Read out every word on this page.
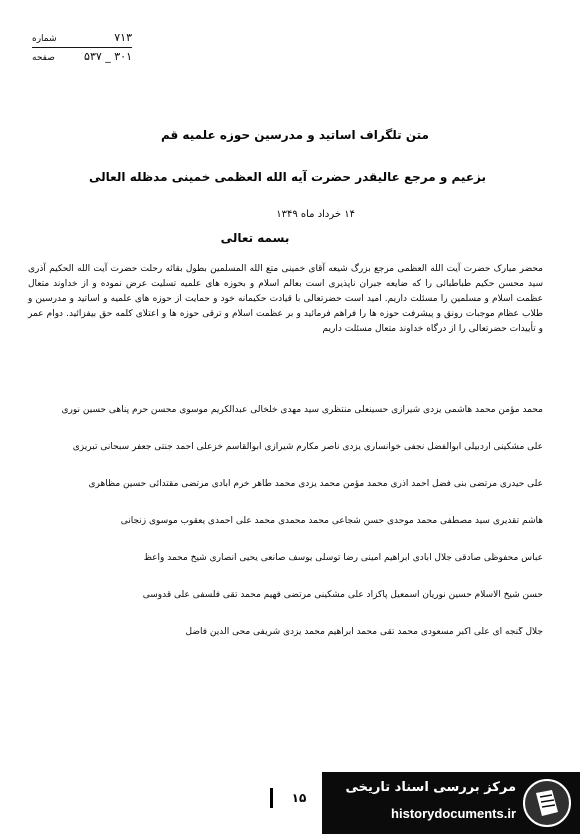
۷۱۳
شماره
۳۰۱ _ ۵۳۷
صفحه
متن تلگراف اساتید و مدرسین حوزه علمیه قم
بزعیم و مرجع عالیقدر حضرت آیه الله العظمی خمینی مدظله العالی
۱۴ خرداد ماه ۱۳۴۹
بسمه تعالی
محضر مبارک حضرت آیت الله العظمی مرجع بزرگ شیعه آقای خمینی متع الله المسلمین بطول بقائه رحلت حضرت آیت الله الحکیم آذری سید محسن حکیم طباطبائی را که ضایعه جبران ناپذیری است بعالم اسلام و بحوزه های علمیه تسلیت عرض نموده و از خداوند متعال عظمت اسلام و مسلمین را مسئلت داریم. امید است حضرتعالی با قیادت حکیمانه خود و حمایت از حوزه های علمیه و اساتید و مدرسین و طلاب عظام موجبات رونق و پیشرفت حوزه ها را فراهم فرمائید و بر عظمت اسلام و ترقی حوزه ها و اعتلای کلمه حق بیفزائید. دوام عمر و تأییدات حضرتعالی را از درگاه خداوند متعال مسئلت داریم
محمد مؤمن محمد هاشمی یزدی شیرازی حسینعلی منتظری سید مهدی خلخالی عبدالکریم موسوی محسن حرم پناهی حسین نوری
علی مشکینی اردبیلی ابوالفضل نجفی خوانساری یزدی ناصر مکارم شیرازی ابوالقاسم خزعلی احمد جنتی جعفر سبحانی تبریزی
علی حیدری مرتضی بنی فضل احمد آذری محمد مؤمن محمد یزدی محمد طاهر خرم آبادی مرتضی مقتدائی حسین مظاهری
هاشم تقدیری سید مصطفی محمد موحدی حسن شجاعی محمد محمدی محمد علی احمدی یعقوب موسوی زنجانی
عباس محفوظی صادقی جلال آبادی ابراهیم امینی رضا توسلی یوسف صانعی یحیی انصاری شیخ محمد واعظ
حسن شیخ الاسلام حسین نوریان اسمعیل پاکزاد علی مشکینی مرتضی فهیم محمد تقی فلسفی علی قدوسی
جلال گنجه ای علی اکبر مسعودی محمد تقی محمد ابراهیم محمد یزدی شریفی محی الدین فاضل
۱۵
مرکز بررسی اسناد تاریخی
historydocuments.ir
